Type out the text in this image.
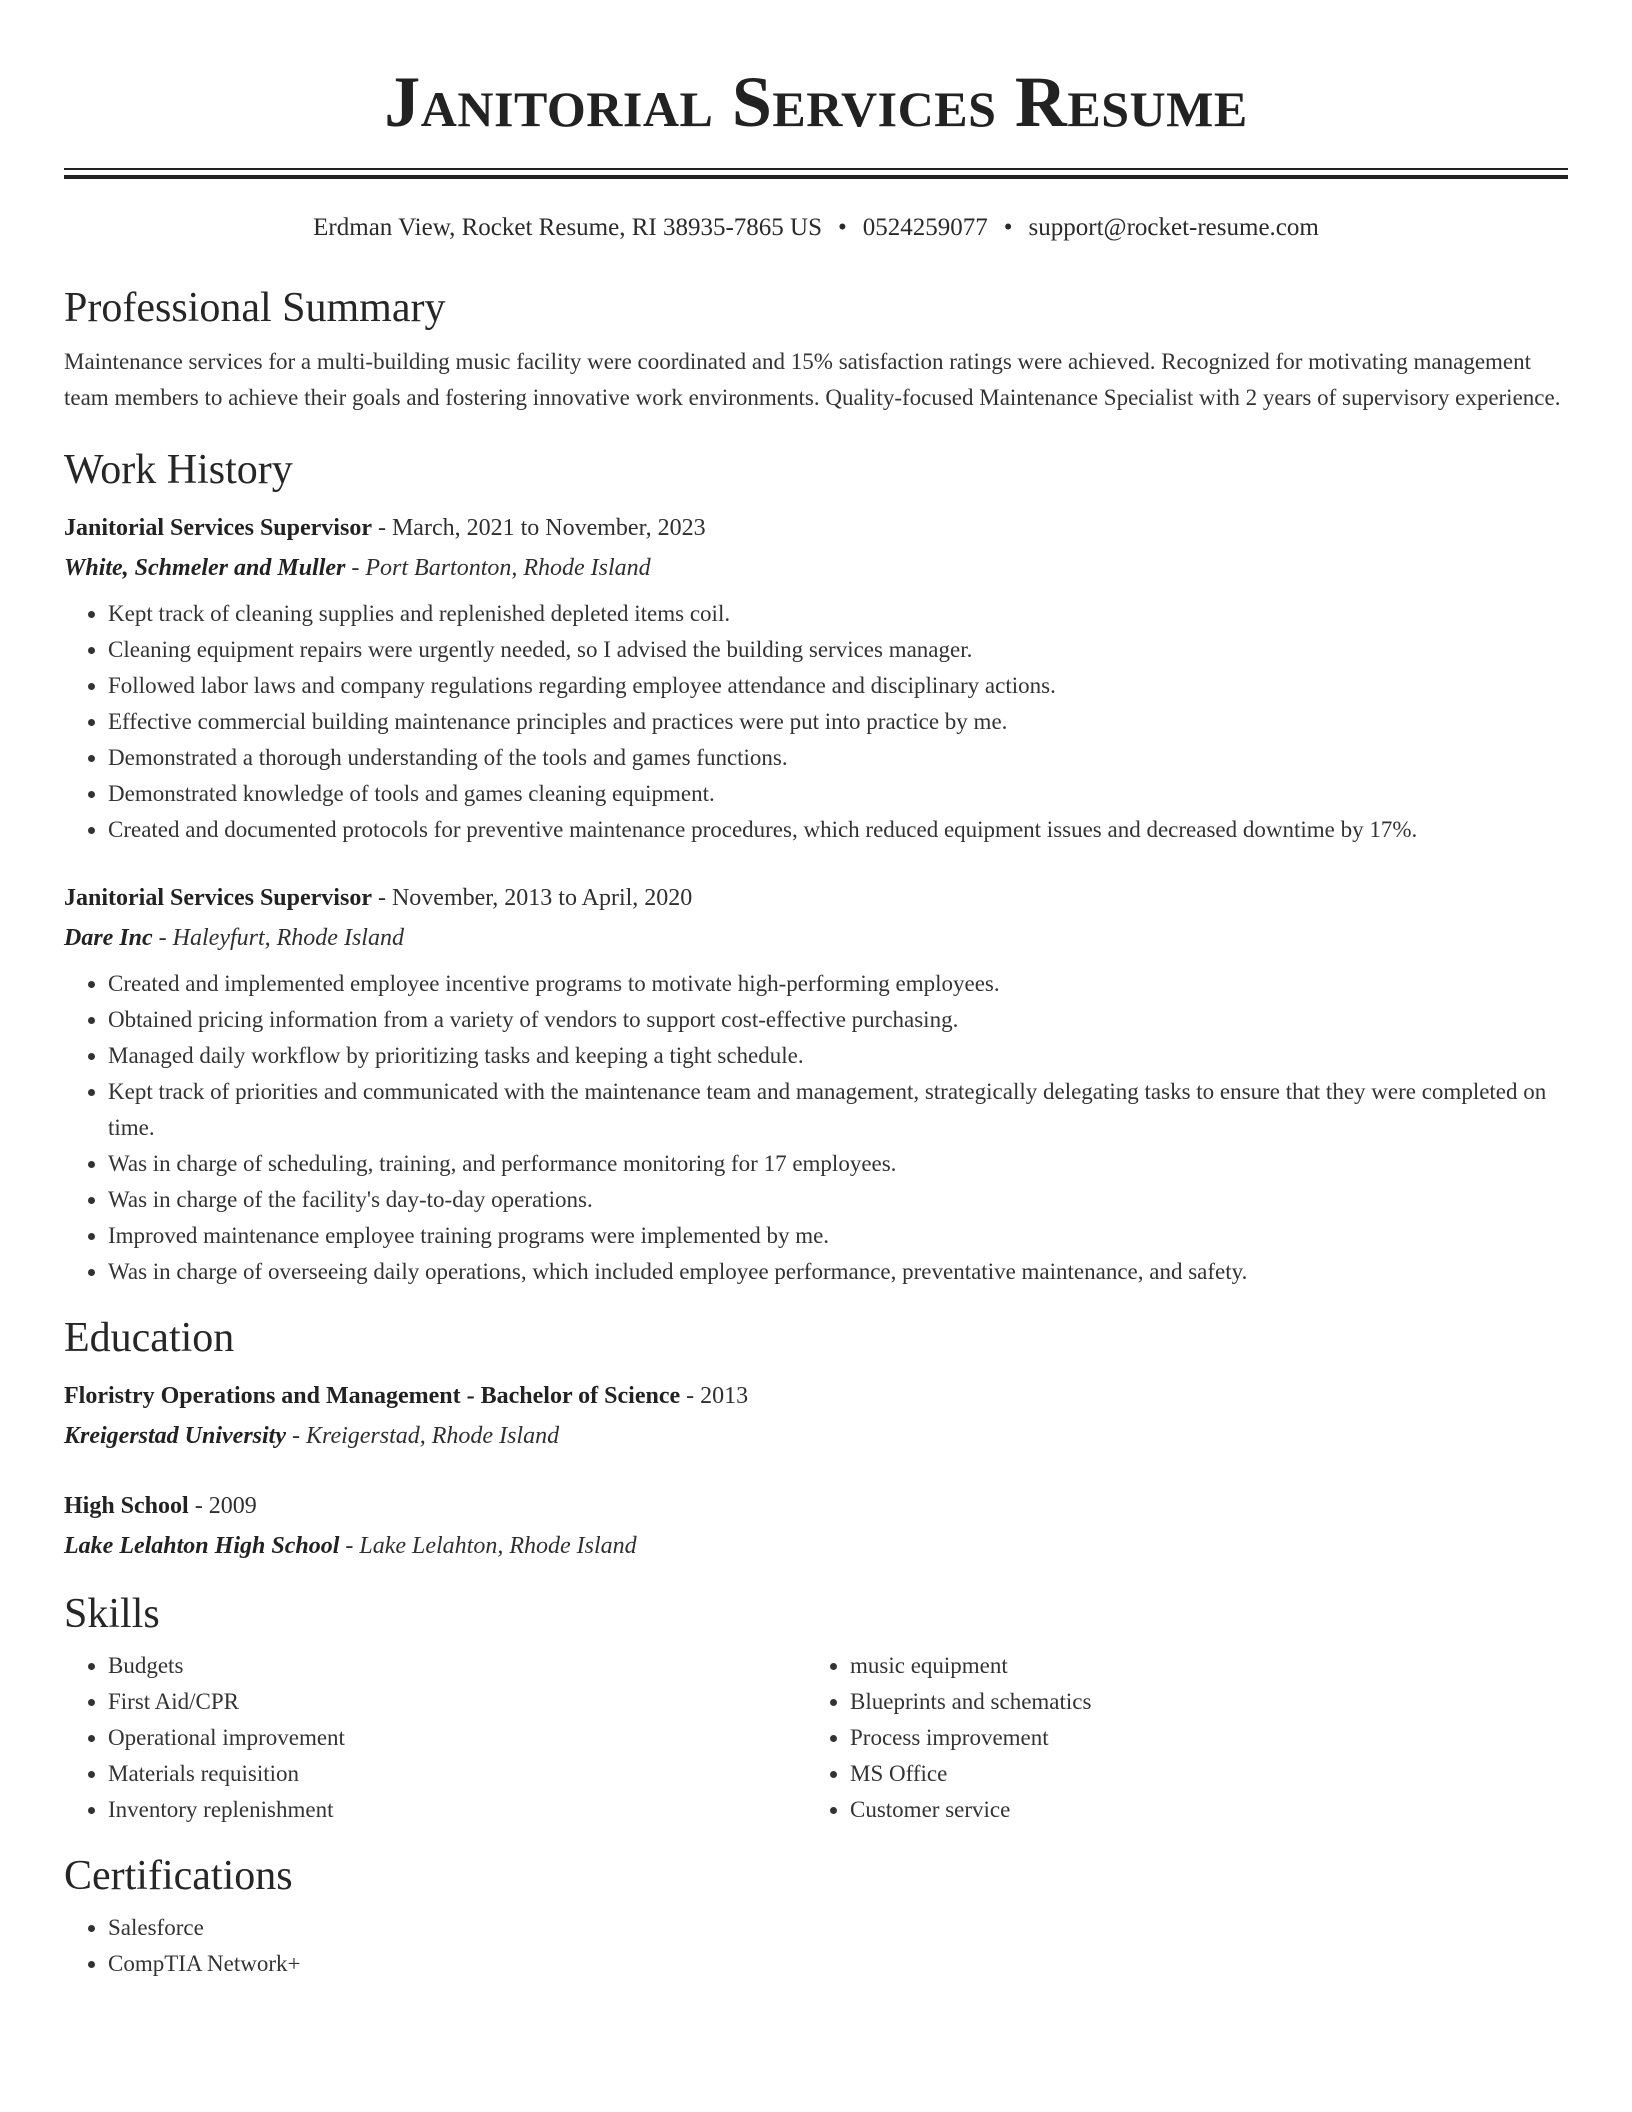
Janitorial Services Resume
Erdman View, Rocket Resume, RI 38935-7865 US • 0524259077 • support@rocket-resume.com
Professional Summary

Maintenance services for a multi-building music facility were coordinated and 15% satisfaction ratings were achieved. Recognized for motivating management team members to achieve their goals and fostering innovative work environments. Quality-focused Maintenance Specialist with 2 years of supervisory experience.

Work History
Janitorial Services Supervisor - March, 2021 to November, 2023
White, Schmeler and Muller - Port Bartonton, Rhode Island
• Kept track of cleaning supplies and replenished depleted items coil.
• Cleaning equipment repairs were urgently needed, so I advised the building services manager.
• Followed labor laws and company regulations regarding employee attendance and disciplinary actions.
• Effective commercial building maintenance principles and practices were put into practice by me.
• Demonstrated a thorough understanding of the tools and games functions.
• Demonstrated knowledge of tools and games cleaning equipment.
• Created and documented protocols for preventive maintenance procedures, which reduced equipment issues and decreased downtime by 17%.
Janitorial Services Supervisor - November, 2013 to April, 2020
Dare Inc - Haleyfurt, Rhode Island
• Created and implemented employee incentive programs to motivate high-performing employees.
• Obtained pricing information from a variety of vendors to support cost-effective purchasing.
• Managed daily workflow by prioritizing tasks and keeping a tight schedule.
• Kept track of priorities and communicated with the maintenance team and management, strategically delegating tasks to ensure that they were completed on time.
• Was in charge of scheduling, training, and performance monitoring for 17 employees.
• Was in charge of the facility's day-to-day operations.
• Improved maintenance employee training programs were implemented by me.
• Was in charge of overseeing daily operations, which included employee performance, preventative maintenance, and safety.
Education
Floristry Operations and Management - Bachelor of Science - 2013
Kreigerstad University - Kreigerstad, Rhode Island
High School - 2009
Lake Lelahton High School - Lake Lelahton, Rhode Island
Skills
• Budgets
• First Aid/CPR
• Operational improvement
• Materials requisition
• Inventory replenishment
• music equipment
• Blueprints and schematics
• Process improvement
• MS Office
• Customer service
Certifications
• Salesforce
• CompTIA Network+
